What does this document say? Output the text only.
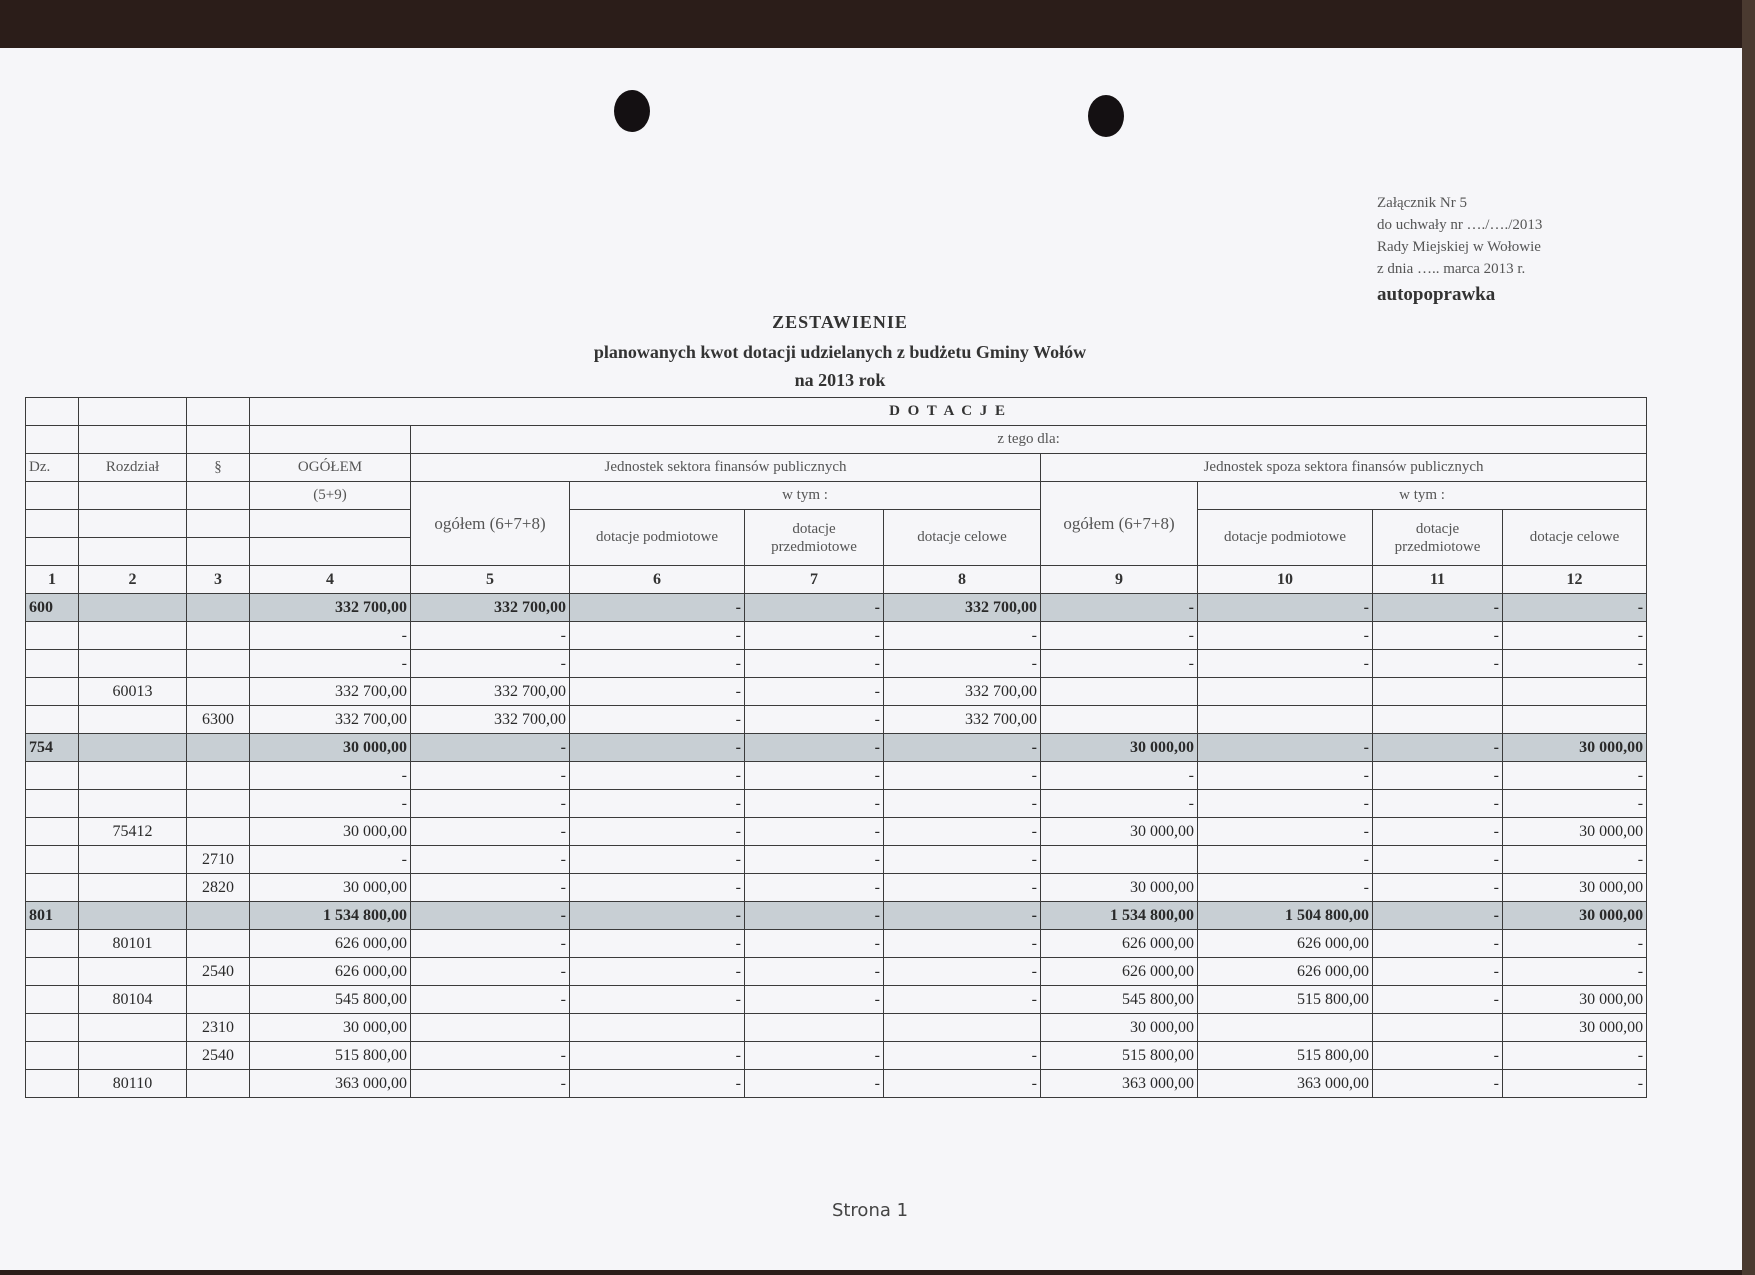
Załącznik Nr 5
do uchwały nr …./…./2013
Rady Miejskiej w Wołowie
z dnia ….. marca 2013 r.
autopoprawka
ZESTAWIENIE
planowanych kwot dotacji udzielanych z budżetu Gminy Wołów
na 2013 rok
			D O T A C J E								
				z tego dla:							
Dz.	Rozdział	§	OGÓŁEM	Jednostek sektora finansów publicznych				Jednostek spoza sektora finansów publicznych			
			(5+9)	ogółem (6+7+8)	w tym :			ogółem (6+7+8)	w tym :		
					dotacje podmiotowe	dotacje przedmiotowe	dotacje celowe		dotacje podmiotowe	dotacje przedmiotowe	dotacje celowe

1	2	3	4	5	6	7	8	9	10	11	12
600			332 700,00	332 700,00	-	-	332 700,00	-	-	-	-
			-	-	-	-	-	-	-	-	-
			-	-	-	-	-	-	-	-	-
	60013		332 700,00	332 700,00	-	-	332 700,00				
		6300	332 700,00	332 700,00	-	-	332 700,00				
754			30 000,00	-	-	-	-	30 000,00	-	-	30 000,00
			-	-	-	-	-	-	-	-	-
			-	-	-	-	-	-	-	-	-
	75412		30 000,00	-	-	-	-	30 000,00	-	-	30 000,00
		2710	-	-	-	-	-		-	-	-
		2820	30 000,00	-	-	-	-	30 000,00	-	-	30 000,00
801			1 534 800,00	-	-	-	-	1 534 800,00	1 504 800,00	-	30 000,00
	80101		626 000,00	-	-	-	-	626 000,00	626 000,00	-	-
		2540	626 000,00	-	-	-	-	626 000,00	626 000,00	-	-
	80104		545 800,00	-	-	-	-	545 800,00	515 800,00	-	30 000,00
		2310	30 000,00					30 000,00			30 000,00
		2540	515 800,00	-	-	-	-	515 800,00	515 800,00	-	-
	80110		363 000,00	-	-	-	-	363 000,00	363 000,00	-	-
Strona 1
